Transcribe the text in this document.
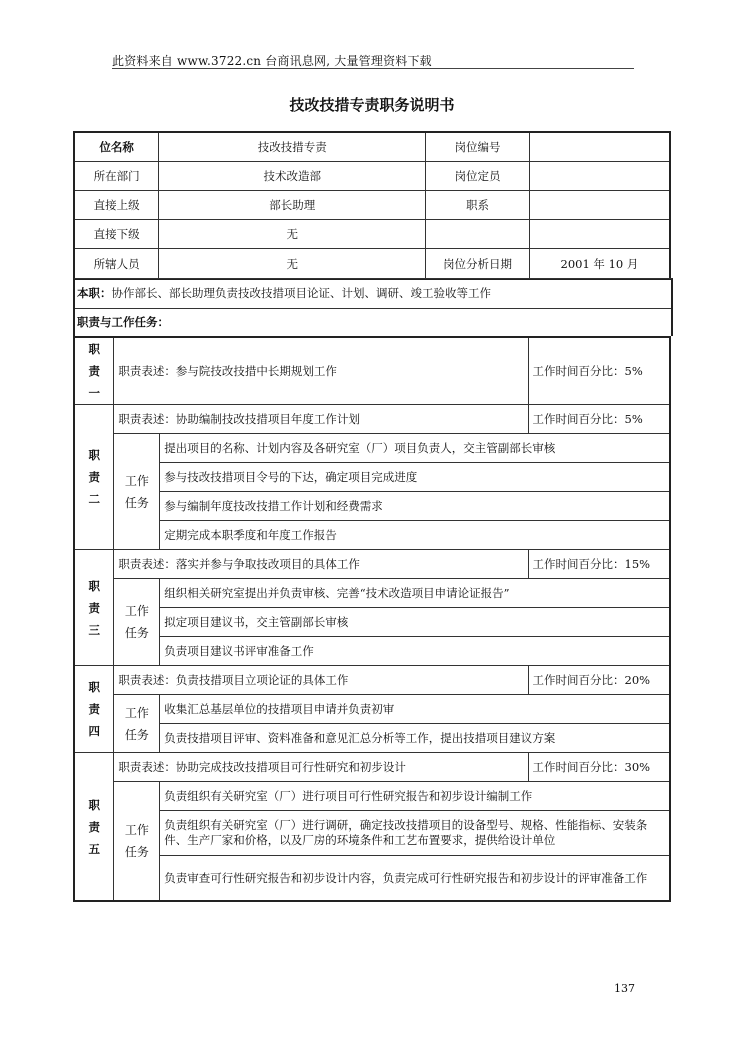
此资料来自 www.3722.cn 台商讯息网, 大量管理资料下载
技改技措专责职务说明书
位名称	技改技措专责	岗位编号	
所在部门	技术改造部	岗位定员	
直接上级	部长助理	职系	
直接下级	无		
所辖人员	无	岗位分析日期	2001 年 10 月
本职：协作部长、部长助理负责技改技措项目论证、计划、调研、竣工验收等工作
职责与工作任务：
职责一	职责表述：参与院技改技措中长期规划工作		工作时间百分比：5%
职责二	职责表述：协助编制技改技措项目年度工作计划		工作时间百分比：5%
	工作任务	提出项目的名称、计划内容及各研究室（厂）项目负责人，交主管副部长审核	
		参与技改技措项目令号的下达，确定项目完成进度	
		参与编制年度技改技措工作计划和经费需求	
		定期完成本职季度和年度工作报告	
职责三	职责表述：落实并参与争取技改项目的具体工作		工作时间百分比：15%
	工作任务	组织相关研究室提出并负责审核、完善“技术改造项目申请论证报告”	
		拟定项目建议书，交主管副部长审核	
		负责项目建议书评审准备工作	
职责四	职责表述：负责技措项目立项论证的具体工作		工作时间百分比：20%
	工作任务	收集汇总基层单位的技措项目申请并负责初审	
		负责技措项目评审、资料准备和意见汇总分析等工作，提出技措项目建议方案	
职责五	职责表述：协助完成技改技措项目可行性研究和初步设计		工作时间百分比：30%
	工作任务	负责组织有关研究室（厂）进行项目可行性研究报告和初步设计编制工作	
		负责组织有关研究室（厂）进行调研，确定技改技措项目的设备型号、规格、性能指标、安装条件、生产厂家和价格，以及厂房的环境条件和工艺布置要求，提供给设计单位	
		负责审查可行性研究报告和初步设计内容，负责完成可行性研究报告和初步设计的评审准备工作	
137
